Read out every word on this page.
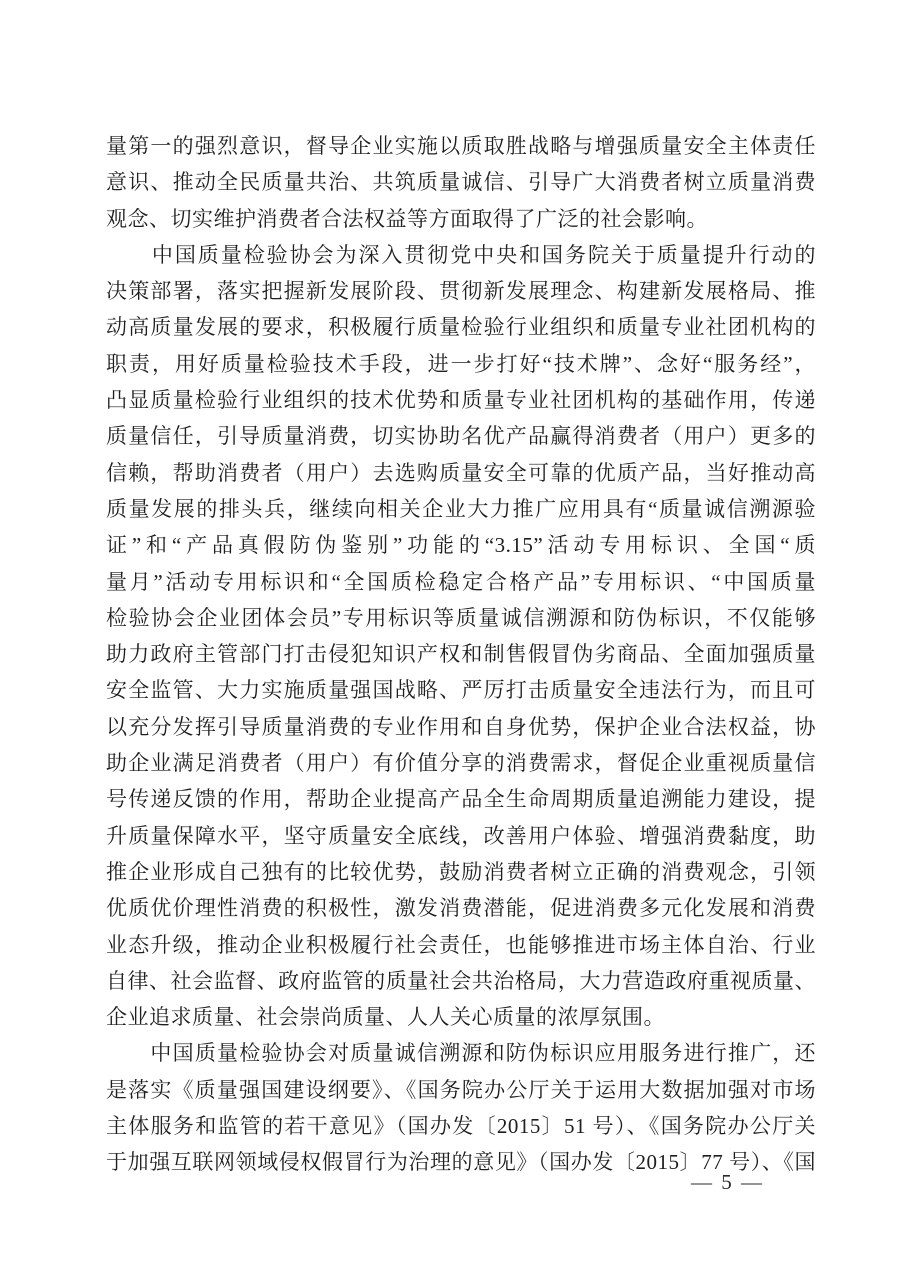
量第一的强烈意识，督导企业实施以质取胜战略与增强质量安全主体责任
意识、推动全民质量共治、共筑质量诚信、引导广大消费者树立质量消费
观念、切实维护消费者合法权益等方面取得了广泛的社会影响。
　　中国质量检验协会为深入贯彻党中央和国务院关于质量提升行动的
决策部署，落实把握新发展阶段、贯彻新发展理念、构建新发展格局、推
动高质量发展的要求，积极履行质量检验行业组织和质量专业社团机构的
职责，用好质量检验技术手段，进一步打好“技术牌”、念好“服务经”，
凸显质量检验行业组织的技术优势和质量专业社团机构的基础作用，传递
质量信任，引导质量消费，切实协助名优产品赢得消费者（用户）更多的
信赖，帮助消费者（用户）去选购质量安全可靠的优质产品，当好推动高
质量发展的排头兵，继续向相关企业大力推广应用具有“质量诚信溯源验
证”和“产品真假防伪鉴别”功能的“3.15”活动专用标识、全国“质
量月”活动专用标识和“全国质检稳定合格产品”专用标识、“中国质量
检验协会企业团体会员”专用标识等质量诚信溯源和防伪标识，不仅能够
助力政府主管部门打击侵犯知识产权和制售假冒伪劣商品、全面加强质量
安全监管、大力实施质量强国战略、严厉打击质量安全违法行为，而且可
以充分发挥引导质量消费的专业作用和自身优势，保护企业合法权益，协
助企业满足消费者（用户）有价值分享的消费需求，督促企业重视质量信
号传递反馈的作用，帮助企业提高产品全生命周期质量追溯能力建设，提
升质量保障水平，坚守质量安全底线，改善用户体验、增强消费黏度，助
推企业形成自己独有的比较优势，鼓励消费者树立正确的消费观念，引领
优质优价理性消费的积极性，激发消费潜能，促进消费多元化发展和消费
业态升级，推动企业积极履行社会责任，也能够推进市场主体自治、行业
自律、社会监督、政府监管的质量社会共治格局，大力营造政府重视质量、
企业追求质量、社会崇尚质量、人人关心质量的浓厚氛围。
　　中国质量检验协会对质量诚信溯源和防伪标识应用服务进行推广，还
是落实《质量强国建设纲要》、《国务院办公厅关于运用大数据加强对市场
主体服务和监管的若干意见》（国办发〔2015〕51 号）、《国务院办公厅关
于加强互联网领域侵权假冒行为治理的意见》（国办发〔2015〕77 号）、《国
— 5 —
